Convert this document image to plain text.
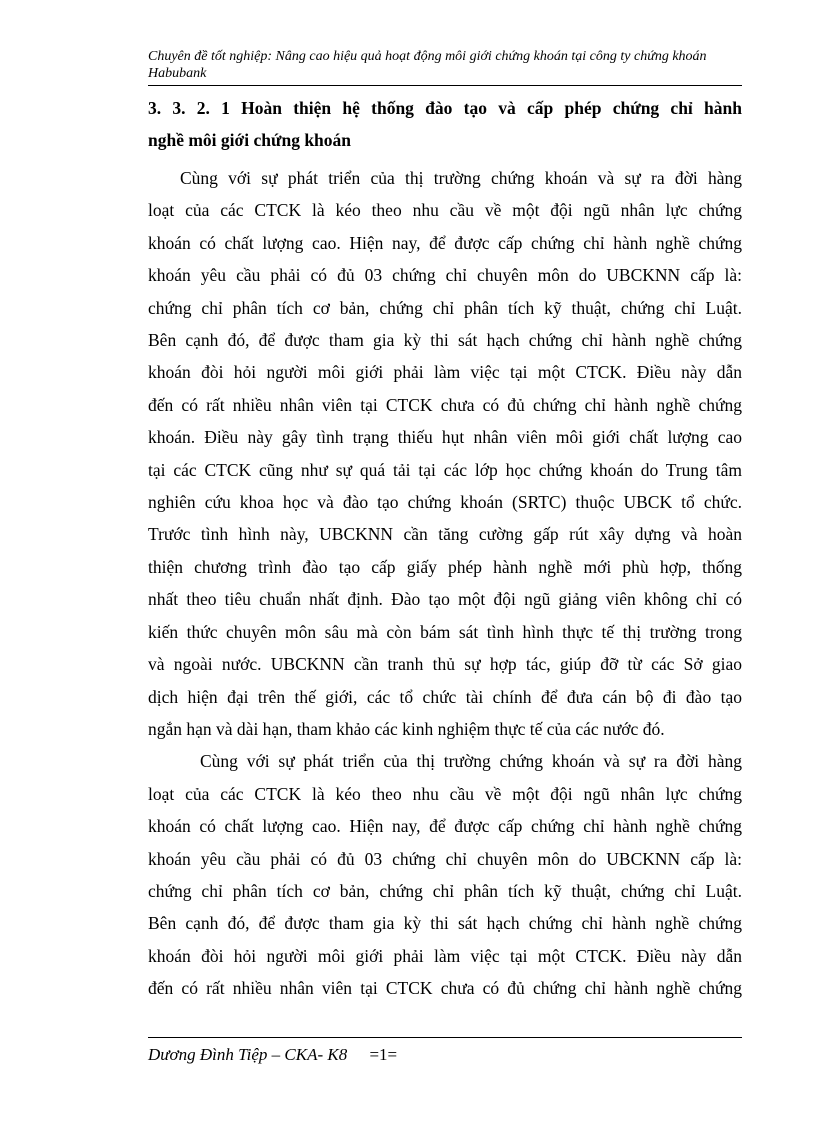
Chuyên đề tốt nghiệp: Nâng cao hiệu quả hoạt động môi giới chứng khoán tại công ty chứng khoán Habubank
3. 3. 2. 1 Hoàn thiện hệ thống đào tạo và cấp phép chứng chỉ hành
nghề môi giới chứng khoán
Cùng với sự phát triển của thị trường chứng khoán và sự ra đời hàng
loạt của các CTCK là kéo theo nhu cầu về một đội ngũ nhân lực chứng
khoán có chất lượng cao. Hiện nay, để được cấp chứng chỉ hành nghề chứng
khoán yêu cầu phải có đủ 03 chứng chỉ chuyên môn do UBCKNN cấp là:
chứng chỉ phân tích cơ bản, chứng chỉ phân tích kỹ thuật, chứng chỉ Luật.
Bên cạnh đó, để được tham gia kỳ thi sát hạch chứng chỉ hành nghề chứng
khoán đòi hỏi người môi giới phải làm việc tại một CTCK. Điều này dẫn
đến có rất nhiều nhân viên tại CTCK chưa có đủ chứng chỉ hành nghề chứng
khoán. Điều này gây tình trạng thiếu hụt nhân viên môi giới chất lượng cao
tại các CTCK cũng như sự quá tải tại các lớp học chứng khoán do Trung tâm
nghiên cứu khoa học và đào tạo chứng khoán (SRTC) thuộc UBCK tổ chức.
Trước tình hình này, UBCKNN cần tăng cường gấp rút xây dựng và hoàn
thiện chương trình đào tạo cấp giấy phép hành nghề mới phù hợp, thống
nhất theo tiêu chuẩn nhất định. Đào tạo một đội ngũ giảng viên không chỉ có
kiến thức chuyên môn sâu mà còn bám sát tình hình thực tế thị trường trong
và ngoài nước. UBCKNN cần tranh thủ sự hợp tác, giúp đỡ từ các Sở giao
dịch hiện đại trên thế giới, các tổ chức tài chính để đưa cán bộ đi đào tạo
ngắn hạn và dài hạn, tham khảo các kinh nghiệm thực tế của các nước đó.
Cùng với sự phát triển của thị trường chứng khoán và sự ra đời hàng
loạt của các CTCK là kéo theo nhu cầu về một đội ngũ nhân lực chứng
khoán có chất lượng cao. Hiện nay, để được cấp chứng chỉ hành nghề chứng
khoán yêu cầu phải có đủ 03 chứng chỉ chuyên môn do UBCKNN cấp là:
chứng chỉ phân tích cơ bản, chứng chỉ phân tích kỹ thuật, chứng chỉ Luật.
Bên cạnh đó, để được tham gia kỳ thi sát hạch chứng chỉ hành nghề chứng
khoán đòi hỏi người môi giới phải làm việc tại một CTCK. Điều này dẫn
đến có rất nhiều nhân viên tại CTCK chưa có đủ chứng chỉ hành nghề chứng
Dương Đình Tiệp – CKA- K8 =1=
